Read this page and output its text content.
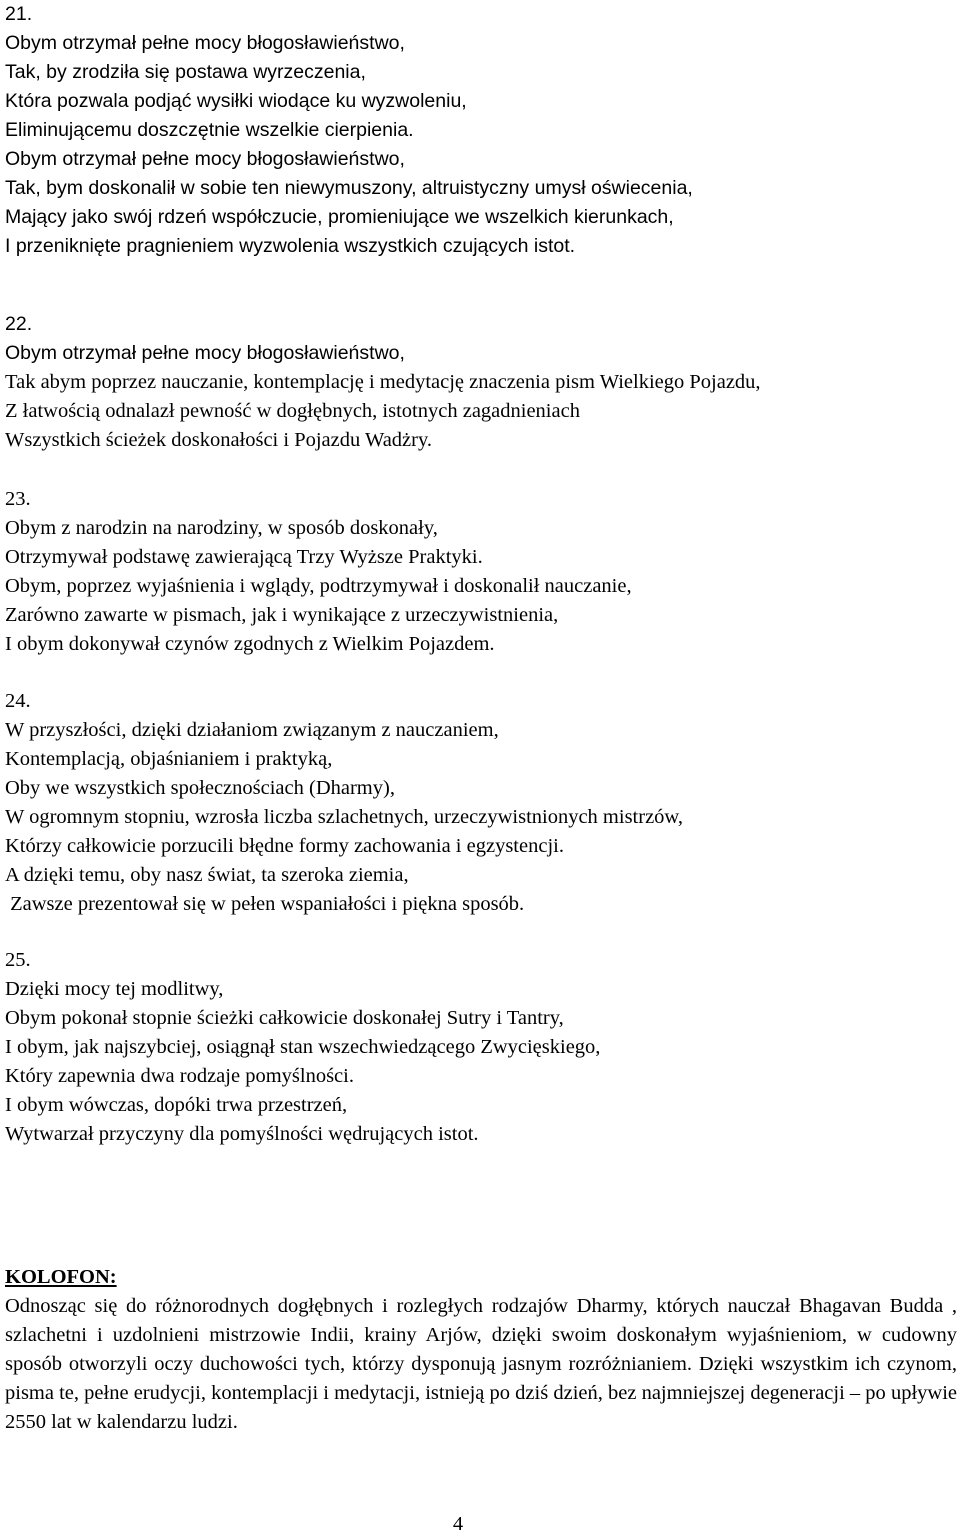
21.
Obym otrzymał pełne mocy błogosławieństwo,
Tak, by zrodziła się postawa wyrzeczenia,
Która pozwala podjąć wysiłki wiodące ku wyzwoleniu,
Eliminującemu doszczętnie wszelkie cierpienia.
Obym otrzymał pełne mocy błogosławieństwo,
Tak, bym doskonalił w sobie ten niewymuszony, altruistyczny umysł oświecenia,
Mający jako swój rdzeń współczucie, promieniujące we wszelkich kierunkach,
I przeniknięte pragnieniem wyzwolenia wszystkich czujących istot.
22.
Obym otrzymał pełne mocy błogosławieństwo,
Tak abym poprzez nauczanie, kontemplację i medytację znaczenia pism Wielkiego Pojazdu,
Z łatwością odnalazł pewność w dogłębnych, istotnych zagadnieniach
Wszystkich ścieżek doskonałości i Pojazdu Wadżry.
23.
Obym z narodzin na narodziny, w sposób doskonały,
Otrzymywał podstawę zawierającą Trzy Wyższe Praktyki.
Obym, poprzez wyjaśnienia i wglądy, podtrzymywał i doskonalił nauczanie,
Zarówno zawarte w pismach, jak i wynikające z urzeczywistnienia,
I obym dokonywał czynów zgodnych z Wielkim Pojazdem.
24.
W przyszłości, dzięki działaniom związanym z nauczaniem,
Kontemplacją, objaśnianiem i praktyką,
Oby we wszystkich społecznościach (Dharmy),
W ogromnym stopniu, wzrosła liczba szlachetnych, urzeczywistnionych mistrzów,
Którzy całkowicie porzucili błędne formy zachowania i egzystencji.
A dzięki temu, oby nasz świat, ta szeroka ziemia,
Zawsze prezentował się w pełen wspaniałości i piękna sposób.
25.
Dzięki mocy tej modlitwy,
Obym pokonał stopnie ścieżki całkowicie doskonałej Sutry i Tantry,
I obym, jak najszybciej, osiągnął stan wszechwiedzącego Zwycięskiego,
Który zapewnia dwa rodzaje pomyślności.
I obym wówczas, dopóki trwa przestrzeń,
Wytwarzał przyczyny dla pomyślności wędrujących istot.
KOLOFON:
Odnosząc się do różnorodnych dogłębnych i rozległych rodzajów Dharmy, których nauczał Bhagavan Budda , szlachetni i uzdolnieni mistrzowie Indii, krainy Arjów, dzięki swoim doskonałym wyjaśnieniom, w cudowny sposób otworzyli oczy duchowości tych, którzy dysponują jasnym rozróżnianiem. Dzięki wszystkim ich czynom, pisma te, pełne erudycji, kontemplacji i medytacji, istnieją po dziś dzień, bez najmniejszej degeneracji – po upływie 2550 lat w kalendarzu ludzi.
4
